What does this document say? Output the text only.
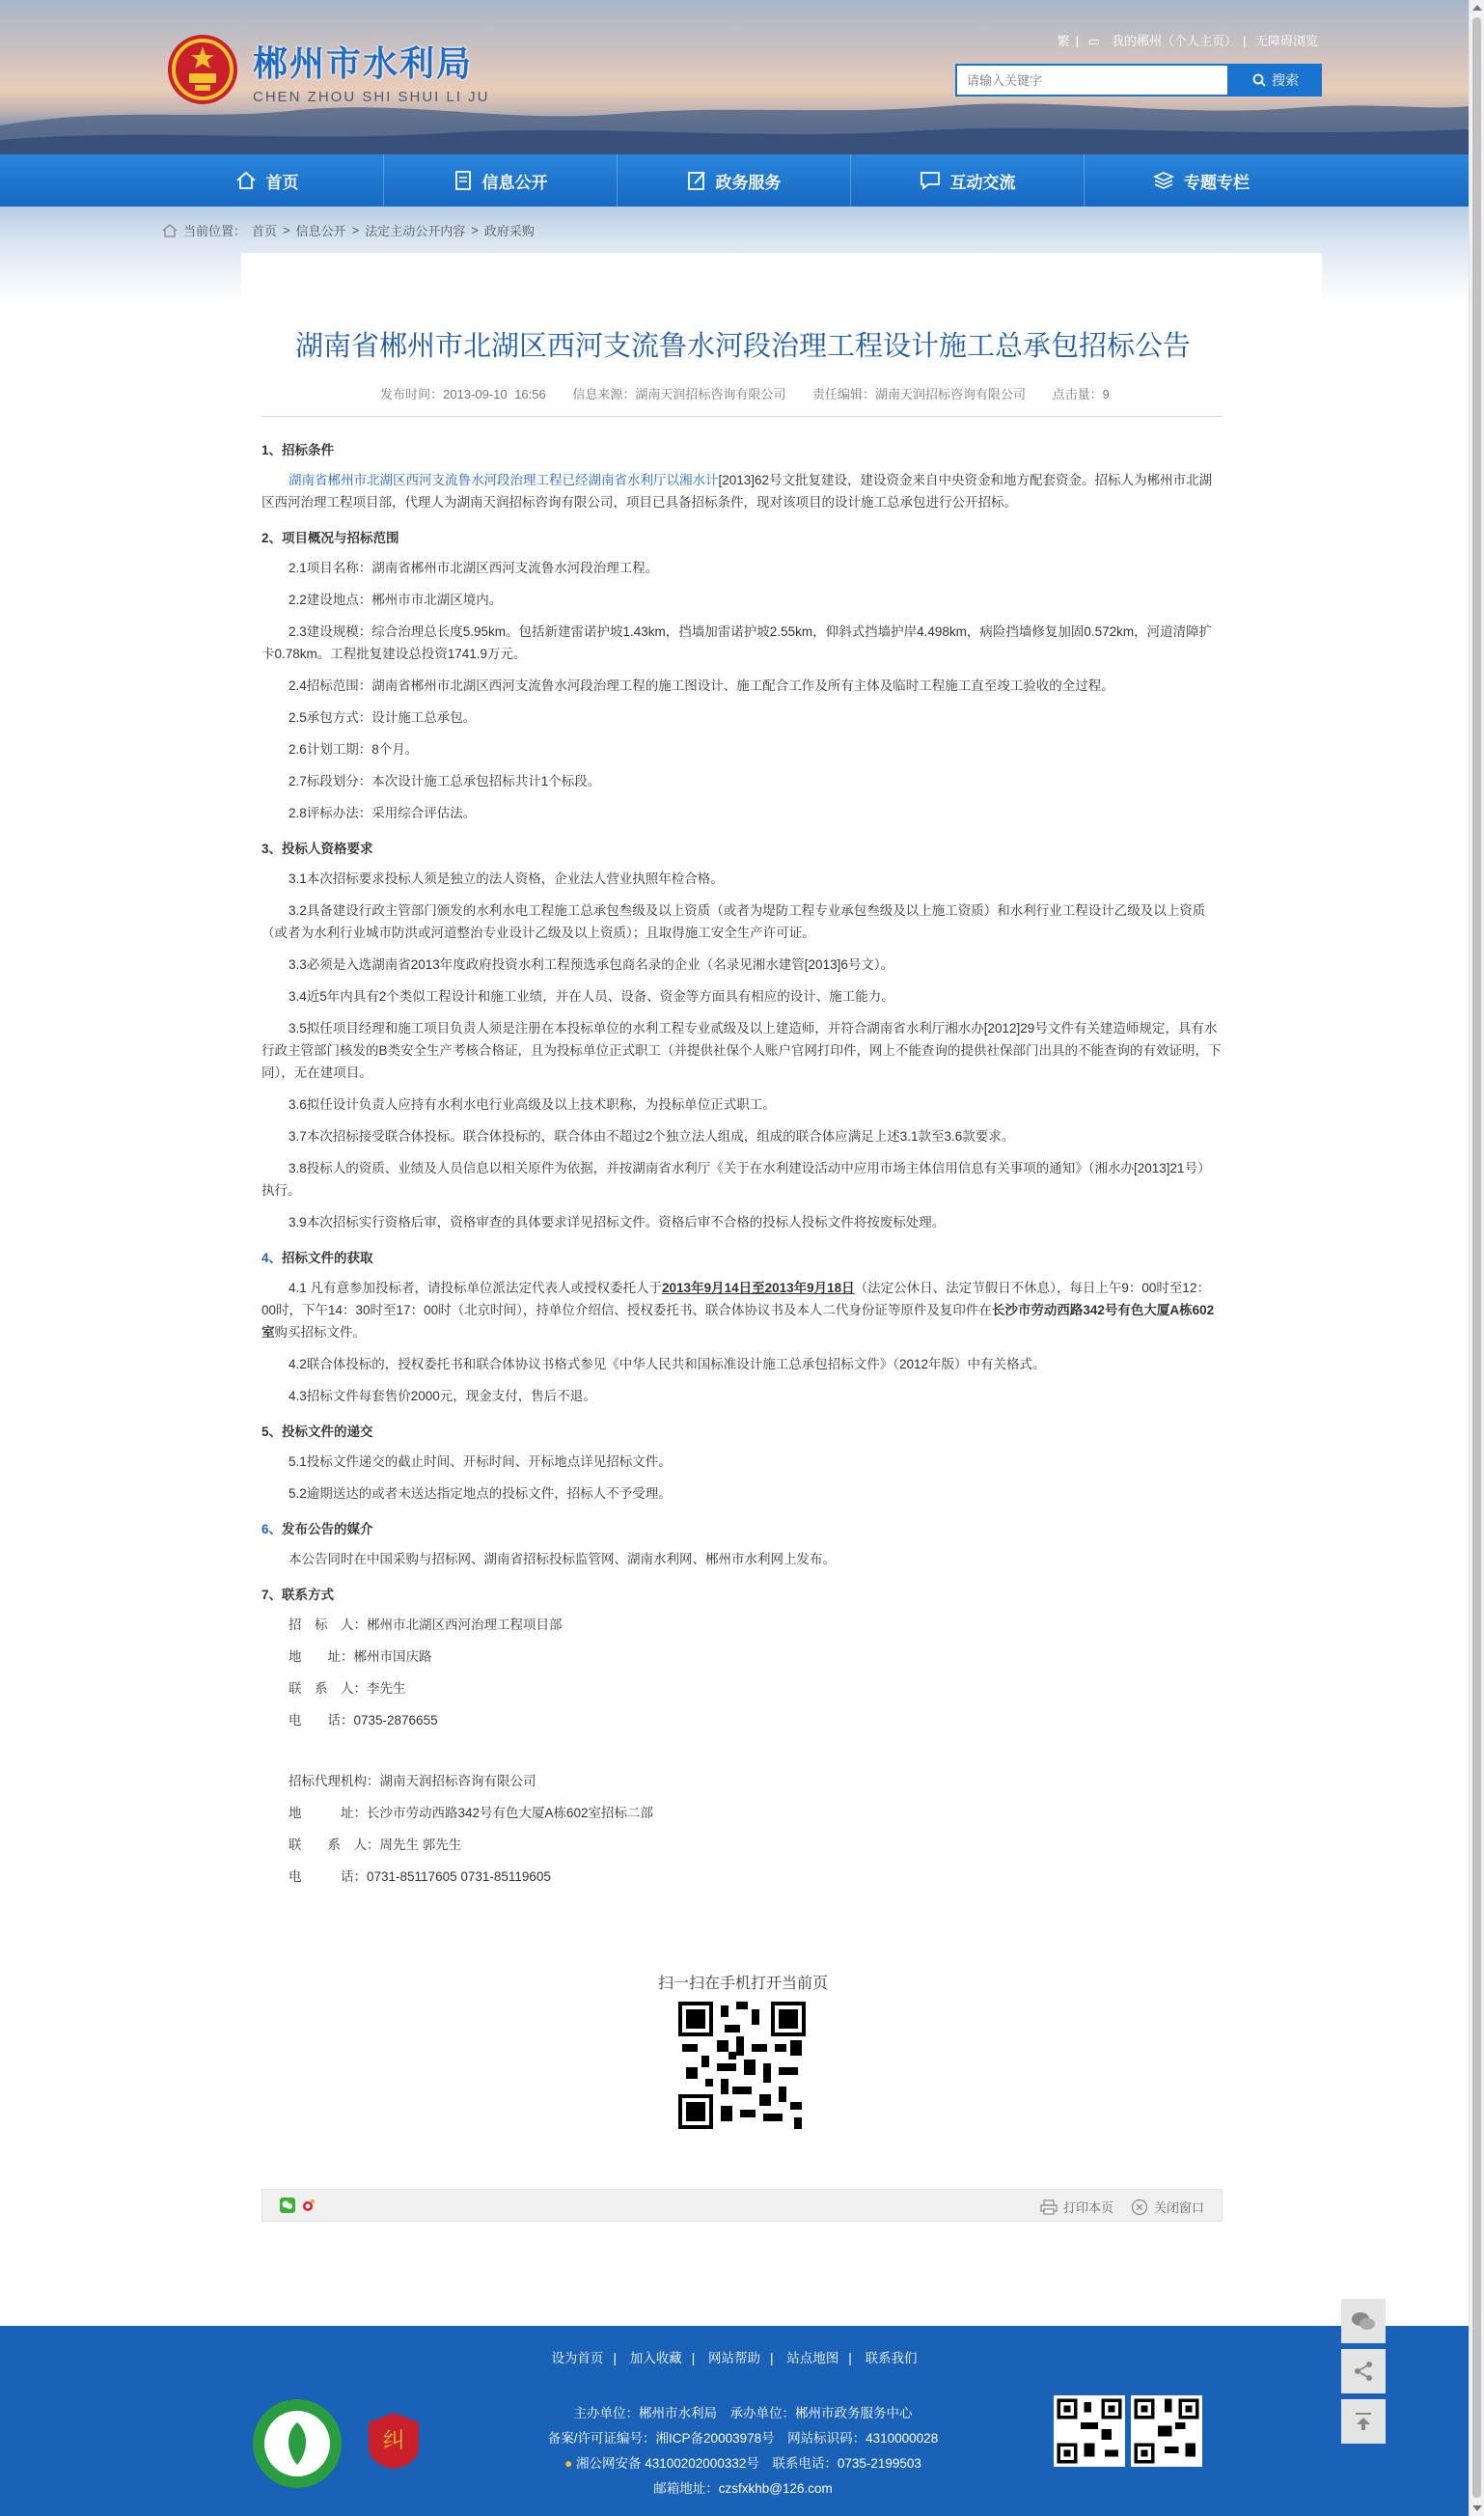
郴州市水利局
CHEN ZHOU SHI SHUI LI JU
繁 | ▭ 我的郴州（个人主页） | 无障碍浏览
请输入关键字
搜索
首页	信息公开	政务服务	互动交流	专题专栏
当前位置： 首页 > 信息公开 > 法定主动公开内容 > 政府采购
湖南省郴州市北湖区西河支流鲁水河段治理工程设计施工总承包招标公告
发布时间：2013-09-10 16:56 信息来源：湖南天润招标咨询有限公司 责任编辑：湖南天润招标咨询有限公司 点击量：9
1、招标条件

湖南省郴州市北湖区西河支流鲁水河段治理工程已经湖南省水利厅以湘水计[2013]62号文批复建设，建设资金来自中央资金和地方配套资金。招标人为郴州市北湖区西河治理工程项目部，代理人为湖南天润招标咨询有限公司，项目已具备招标条件，现对该项目的设计施工总承包进行公开招标。

2、项目概况与招标范围

2.1项目名称：湖南省郴州市北湖区西河支流鲁水河段治理工程。

2.2建设地点：郴州市市北湖区境内。

2.3建设规模：综合治理总长度5.95km。包括新建雷诺护坡1.43km，挡墙加雷诺护坡2.55km，仰斜式挡墙护岸4.498km，病险挡墙修复加固0.572km，河道清障扩卡0.78km。工程批复建设总投资1741.9万元。

2.4招标范围：湖南省郴州市北湖区西河支流鲁水河段治理工程的施工图设计、施工配合工作及所有主体及临时工程施工直至竣工验收的全过程。

2.5承包方式：设计施工总承包。

2.6计划工期：8个月。

2.7标段划分：本次设计施工总承包招标共计1个标段。

2.8评标办法：采用综合评估法。

3、投标人资格要求

3.1本次招标要求投标人须是独立的法人资格，企业法人营业执照年检合格。

3.2具备建设行政主管部门颁发的水利水电工程施工总承包叁级及以上资质（或者为堤防工程专业承包叁级及以上施工资质）和水利行业工程设计乙级及以上资质（或者为水利行业城市防洪或河道整治专业设计乙级及以上资质）；且取得施工安全生产许可证。

3.3必须是入选湖南省2013年度政府投资水利工程预选承包商名录的企业（名录见湘水建管[2013]6号文）。

3.4近5年内具有2个类似工程设计和施工业绩，并在人员、设备、资金等方面具有相应的设计、施工能力。

3.5拟任项目经理和施工项目负责人须是注册在本投标单位的水利工程专业贰级及以上建造师，并符合湖南省水利厅湘水办[2012]29号文件有关建造师规定，具有水行政主管部门核发的B类安全生产考核合格证，且为投标单位正式职工（并提供社保个人账户官网打印件，网上不能查询的提供社保部门出具的不能查询的有效证明，下同），无在建项目。

3.6拟任设计负责人应持有水利水电行业高级及以上技术职称，为投标单位正式职工。

3.7本次招标接受联合体投标。联合体投标的，联合体由不超过2个独立法人组成，组成的联合体应满足上述3.1款至3.6款要求。

3.8投标人的资质、业绩及人员信息以相关原件为依据，并按湖南省水利厅《关于在水利建设活动中应用市场主体信用信息有关事项的通知》（湘水办[2013]21号）执行。

3.9本次招标实行资格后审，资格审查的具体要求详见招标文件。资格后审不合格的投标人投标文件将按废标处理。

4、招标文件的获取

4.1 凡有意参加投标者，请投标单位派法定代表人或授权委托人于2013年9月14日至2013年9月18日（法定公休日、法定节假日不休息），每日上午9：00时至12：00时，下午14：30时至17：00时（北京时间），持单位介绍信、授权委托书、联合体协议书及本人二代身份证等原件及复印件在长沙市劳动西路342号有色大厦A栋602室购买招标文件。

4.2联合体投标的，授权委托书和联合体协议书格式参见《中华人民共和国标准设计施工总承包招标文件》（2012年版）中有关格式。

4.3招标文件每套售价2000元，现金支付，售后不退。

5、投标文件的递交

5.1投标文件递交的截止时间、开标时间、开标地点详见招标文件。

5.2逾期送达的或者未送达指定地点的投标文件，招标人不予受理。

6、发布公告的媒介

本公告同时在中国采购与招标网、湖南省招标投标监管网、湖南水利网、郴州市水利网上发布。

7、联系方式
招　标　人：郴州市北湖区西河治理工程项目部
地　　址：郴州市国庆路
联　系　人：李先生
电　　话：0735-2876655
招标代理机构：湖南天润招标咨询有限公司
地　　　址：长沙市劳动西路342号有色大厦A栋602室招标二部
联　　系　人：周先生 郭先生
电　　　话：0731-85117605 0731-85119605
扫一扫在手机打开当前页
打印本页	关闭窗口
设为首页 | 加入收藏 | 网站帮助 | 站点地图 | 联系我们
纠
主办单位：郴州市水利局　承办单位：郴州市政务服务中心
备案/许可证编号：湘ICP备20003978号　网站标识码：4310000028
● 湘公网安备 43100202000332号　联系电话：0735-2199503
邮箱地址：czsfxkhb@126.com
